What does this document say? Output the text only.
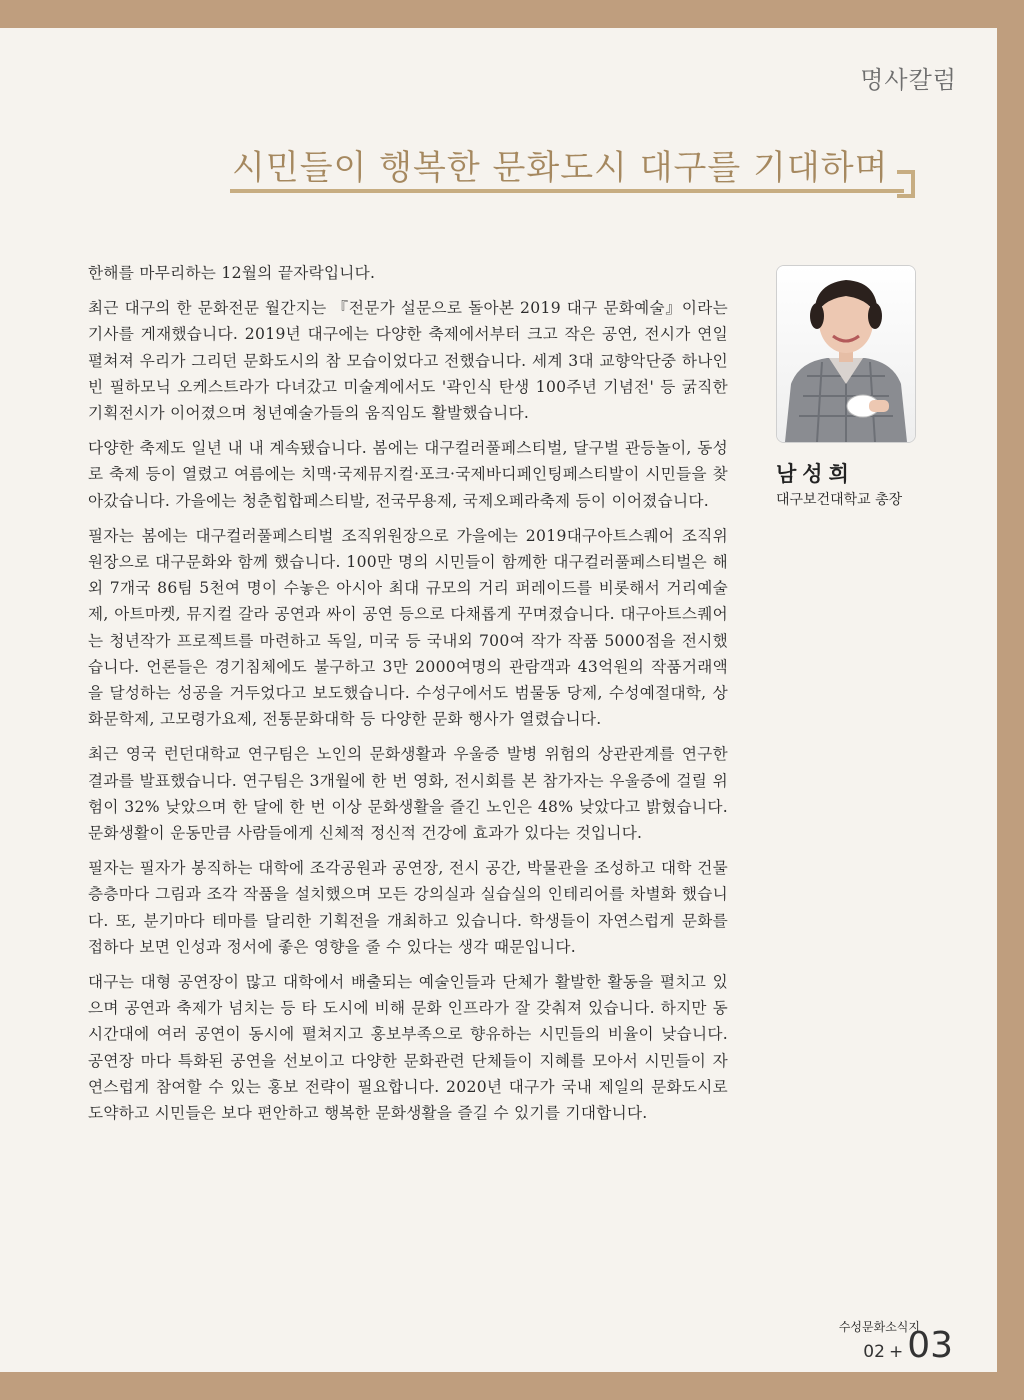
명사칼럼
시민들이 행복한 문화도시 대구를 기대하며

한해를 마무리하는 12월의 끝자락입니다.

최근 대구의 한 문화전문 월간지는 『전문가 설문으로 돌아본 2019 대구 문화예술』이라는 기사를 게재했습니다. 2019년 대구에는 다양한 축제에서부터 크고 작은 공연, 전시가 연일 펼쳐져 우리가 그리던 문화도시의 참 모습이었다고 전했습니다. 세계 3대 교향악단중 하나인 빈 필하모닉 오케스트라가 다녀갔고 미술계에서도 '곽인식 탄생 100주년 기념전' 등 굵직한 기획전시가 이어졌으며 청년예술가들의 움직임도 활발했습니다.

다양한 축제도 일년 내 내 계속됐습니다. 봄에는 대구컬러풀페스티벌, 달구벌 관등놀이, 동성로 축제 등이 열렸고 여름에는 치맥·국제뮤지컬·포크·국제바디페인팅페스티발이 시민들을 찾아갔습니다. 가을에는 청춘힙합페스티발, 전국무용제, 국제오페라축제 등이 이어졌습니다.

필자는 봄에는 대구컬러풀페스티벌 조직위원장으로 가을에는 2019대구아트스퀘어 조직위원장으로 대구문화와 함께 했습니다. 100만 명의 시민들이 함께한 대구컬러풀페스티벌은 해외 7개국 86팀 5천여 명이 수놓은 아시아 최대 규모의 거리 퍼레이드를 비롯해서 거리예술제, 아트마켓, 뮤지컬 갈라 공연과 싸이 공연 등으로 다채롭게 꾸며졌습니다. 대구아트스퀘어는 청년작가 프로젝트를 마련하고 독일, 미국 등 국내외 700여 작가 작품 5000점을 전시했습니다. 언론들은 경기침체에도 불구하고 3만 2000여명의 관람객과 43억원의 작품거래액을 달성하는 성공을 거두었다고 보도했습니다. 수성구에서도 범물동 당제, 수성예절대학, 상화문학제, 고모령가요제, 전통문화대학 등 다양한 문화 행사가 열렸습니다.

최근 영국 런던대학교 연구팀은 노인의 문화생활과 우울증 발병 위험의 상관관계를 연구한 결과를 발표했습니다. 연구팀은 3개월에 한 번 영화, 전시회를 본 참가자는 우울증에 걸릴 위험이 32% 낮았으며 한 달에 한 번 이상 문화생활을 즐긴 노인은 48% 낮았다고 밝혔습니다. 문화생활이 운동만큼 사람들에게 신체적 정신적 건강에 효과가 있다는 것입니다.

필자는 필자가 봉직하는 대학에 조각공원과 공연장, 전시 공간, 박물관을 조성하고 대학 건물 층층마다 그림과 조각 작품을 설치했으며 모든 강의실과 실습실의 인테리어를 차별화 했습니다. 또, 분기마다 테마를 달리한 기획전을 개최하고 있습니다. 학생들이 자연스럽게 문화를 접하다 보면 인성과 정서에 좋은 영향을 줄 수 있다는 생각 때문입니다.

대구는 대형 공연장이 많고 대학에서 배출되는 예술인들과 단체가 활발한 활동을 펼치고 있으며 공연과 축제가 넘치는 등 타 도시에 비해 문화 인프라가 잘 갖춰져 있습니다. 하지만 동 시간대에 여러 공연이 동시에 펼쳐지고 홍보부족으로 향유하는 시민들의 비율이 낮습니다. 공연장 마다 특화된 공연을 선보이고 다양한 문화관련 단체들이 지혜를 모아서 시민들이 자연스럽게 참여할 수 있는 홍보 전략이 필요합니다. 2020년 대구가 국내 제일의 문화도시로 도약하고 시민들은 보다 편안하고 행복한 문화생활을 즐길 수 있기를 기대합니다.

남성희
대구보건대학교 총장
수성문화소식지
02 + 03
